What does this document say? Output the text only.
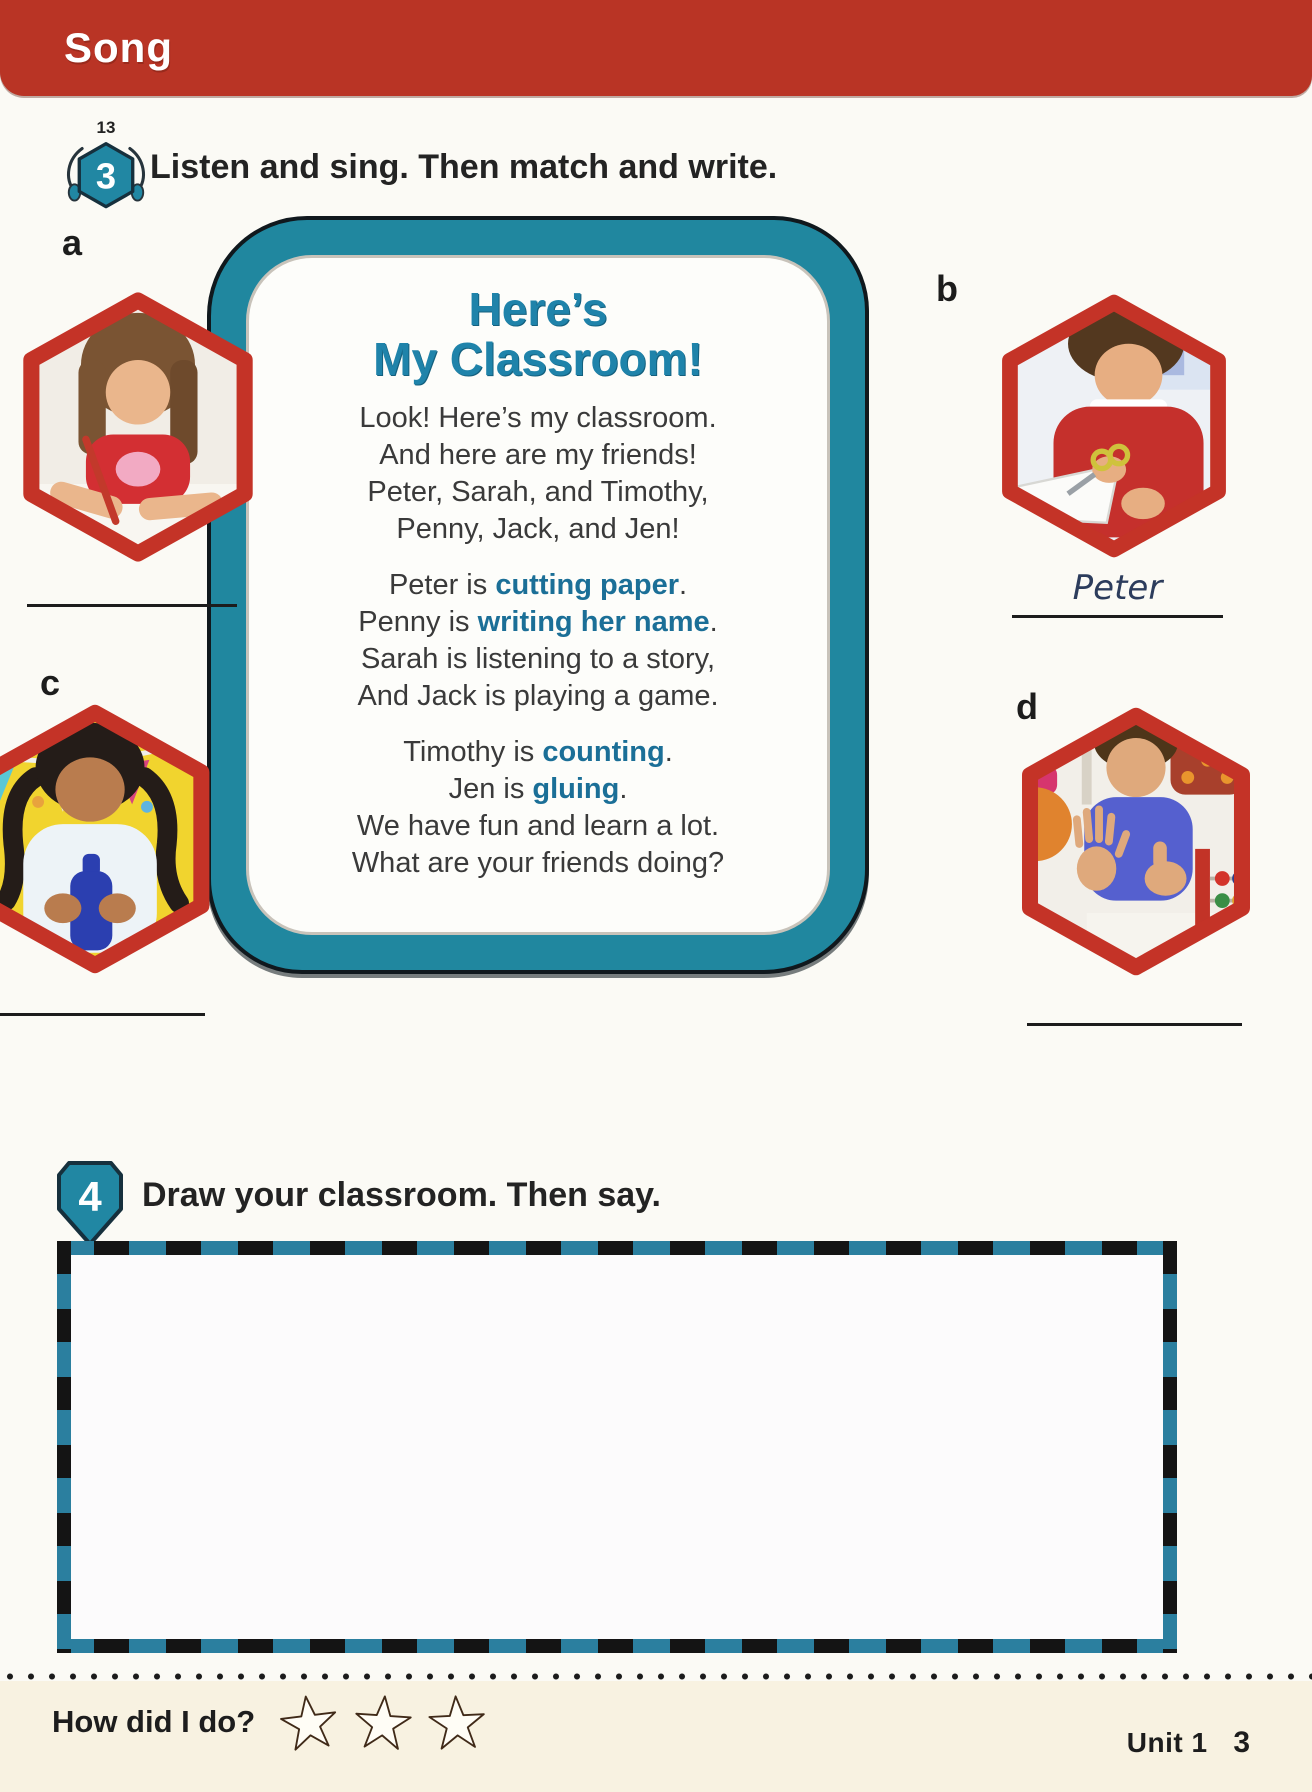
Song
13
3 Listen and sing. Then match and write.
Here’s
My Classroom!
Look! Here’s my classroom.
And here are my friends!
Peter, Sarah, and Timothy,
Penny, Jack, and Jen!
Peter is cutting paper.
Penny is writing her name.
Sarah is listening to a story,
And Jack is playing a game.
Timothy is counting.
Jen is gluing.
We have fun and learn a lot.
What are your friends doing?
a
b
Peter
c
d
4 Draw your classroom. Then say.
How did I do?
Unit 1 3
